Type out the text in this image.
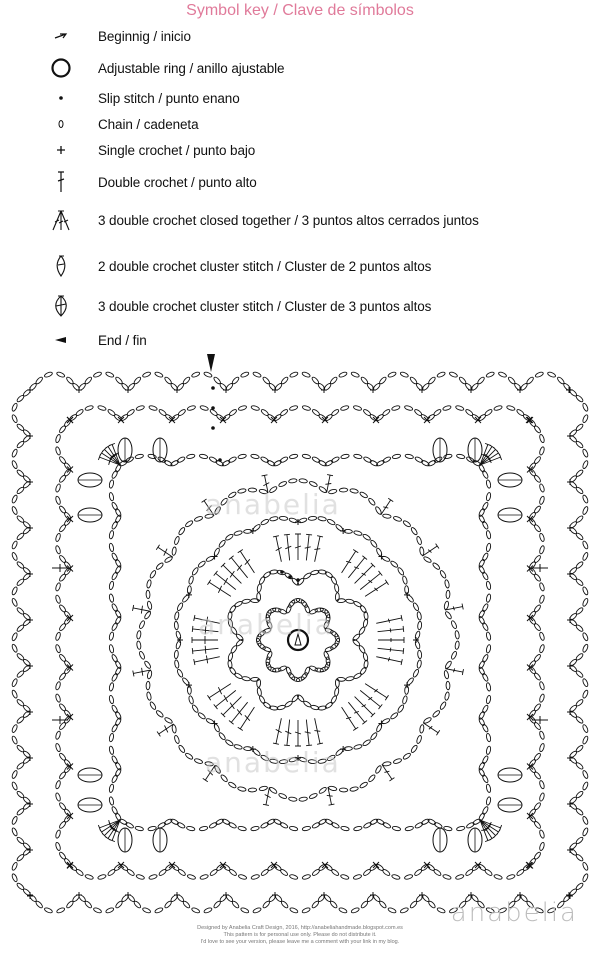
Symbol key / Clave de símbolos
Beginnig / inicio
Adjustable ring / anillo ajustable
Slip stitch / punto enano
Chain / cadeneta
Single crochet / punto bajo
Double crochet / punto alto
3 double crochet closed together / 3 puntos altos cerrados juntos
2 double crochet cluster stitch / Cluster de 2 puntos altos
3 double crochet cluster stitch / Cluster de 3 puntos altos
End / fin
anabelia
anabelia
anabelia
anabelia
Designed by Anabelia Craft Design, 2016, http://anabeliahandmade.blogspot.com.es
This pattern is for personal use only. Please do not distribute it.
I'd love to see your version, please leave me a comment with your link in my blog.
